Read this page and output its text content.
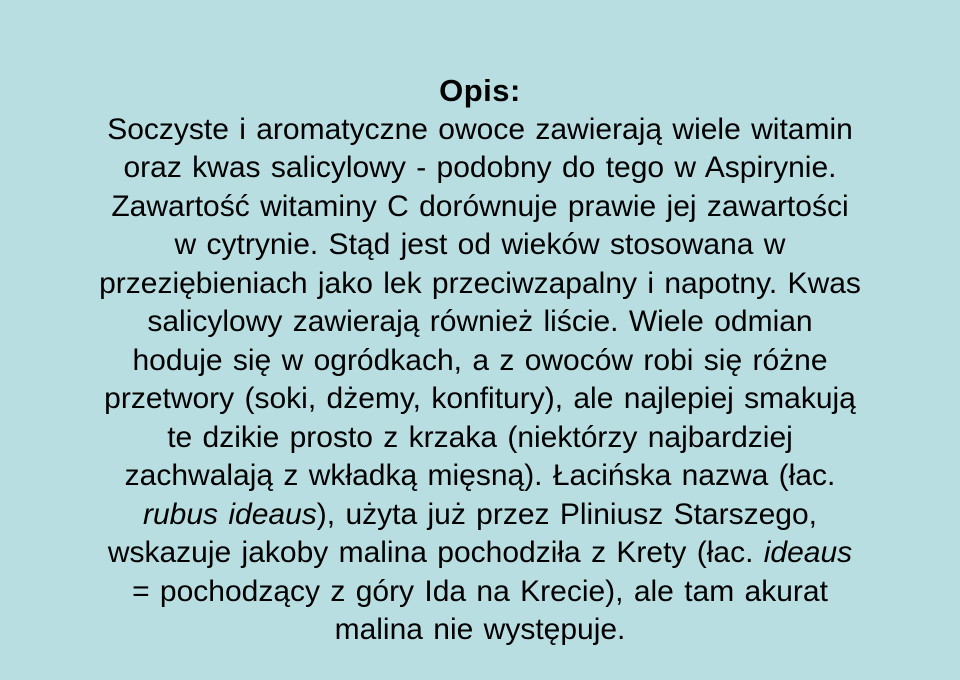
Opis:
Soczyste i aromatyczne owoce zawierają wiele witamin
oraz kwas salicylowy - podobny do tego w Aspirynie.
Zawartość witaminy C dorównuje prawie jej zawartości
w cytrynie. Stąd jest od wieków stosowana w
przeziębieniach jako lek przeciwzapalny i napotny. Kwas
salicylowy zawierają również liście. Wiele odmian
hoduje się w ogródkach, a z owoców robi się różne
przetwory (soki, dżemy, konfitury), ale najlepiej smakują
te dzikie prosto z krzaka (niektórzy najbardziej
zachwalają z wkładką mięsną). Łacińska nazwa (łac.
rubus ideaus), użyta już przez Pliniusz Starszego,
wskazuje jakoby malina pochodziła z Krety (łac. ideaus
= pochodzący z góry Ida na Krecie), ale tam akurat
malina nie występuje.
